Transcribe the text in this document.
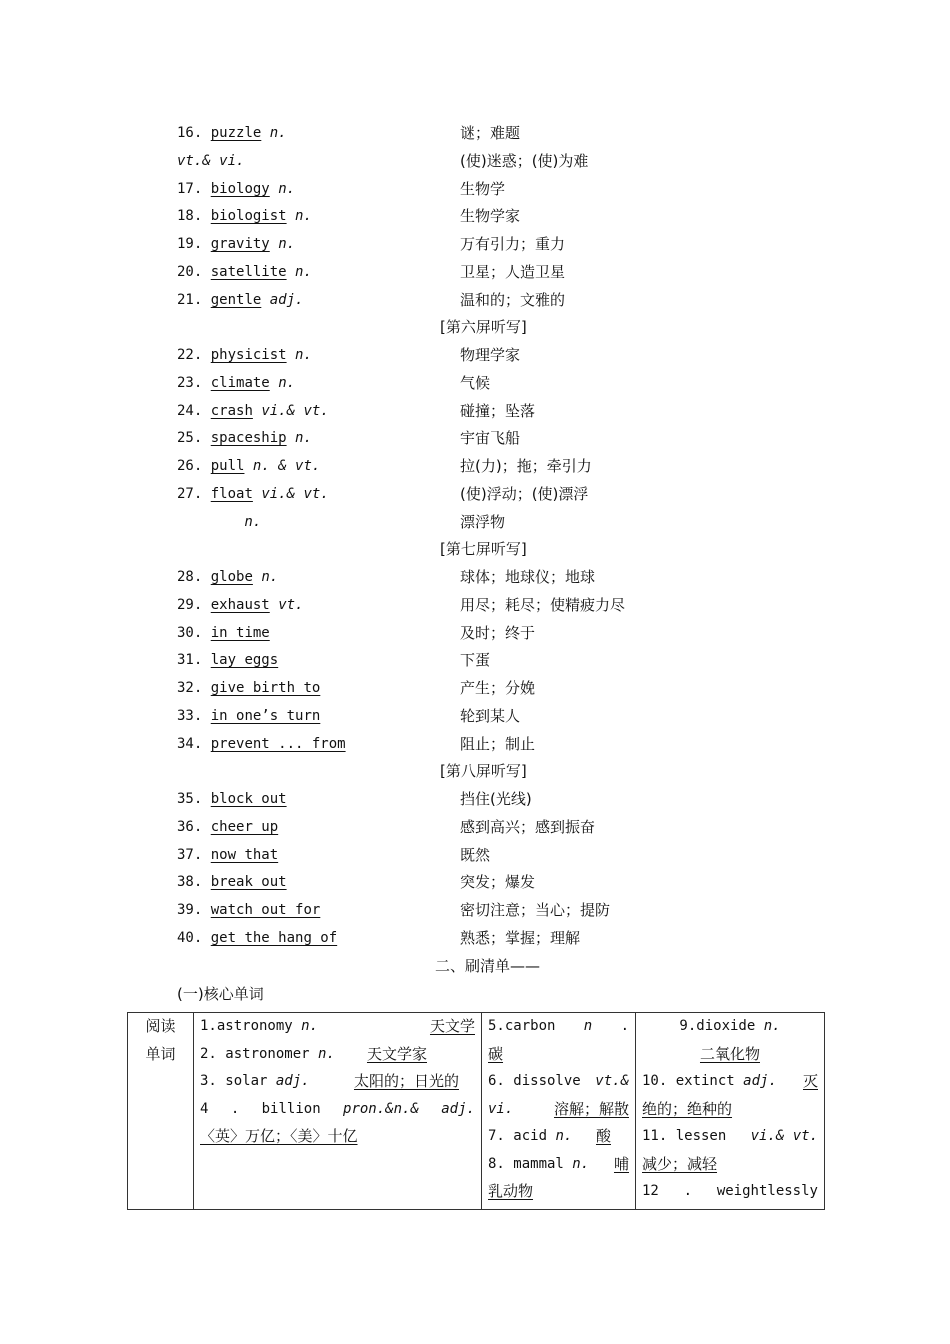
16. puzzle n.	谜；难题
vt.& vi.	(使)迷惑；(使)为难
17. biology n.	生物学
18. biologist n.	生物学家
19. gravity n.	万有引力；重力
20. satellite n.	卫星；人造卫星
21. gentle adj.	温和的；文雅的
22. physicist n.	物理学家
23. climate n.	气候
24. crash vi.& vt.	碰撞；坠落
25. spaceship n.	宇宙飞船
26. pull n. & vt.	拉(力)；拖；牵引力
27. float vi.& vt.	(使)浮动；(使)漂浮
n.	漂浮物
28. globe n.	球体；地球仪；地球
29. exhaust vt.	用尽；耗尽；使精疲力尽
30. in time	及时；终于
31. lay eggs	下蛋
32. give birth to	产生；分娩
33. in one’s turn	轮到某人
34. prevent ... from	阻止；制止
35. block out	挡住(光线)
36. cheer up	感到高兴；感到振奋
37. now that	既然
38. break out	突发；爆发
39. watch out for	密切注意；当心；提防
40. get the hang of	熟悉；掌握；理解
[第六屏听写]
[第七屏听写]
[第八屏听写]
二、刷清单——
(一)核心单词
阅读
单词

1.astronomy n.	天文学
2. astronomer n. 天文学家
3. solar adj.	太阳的；日光的
4 . billion pron.&n.& adj.
〈英〉万亿；〈美〉十亿

5.carbon n .
碳
6. dissolve vt.&
vi.	溶解；解散
7. acid n. 酸
8. mammal n. 哺
乳动物

9.dioxide n.
二氧化物
10. extinct adj. 灭
绝的；绝种的
11. lessen vi.& vt.
减少；减轻
12 . weightlessly
